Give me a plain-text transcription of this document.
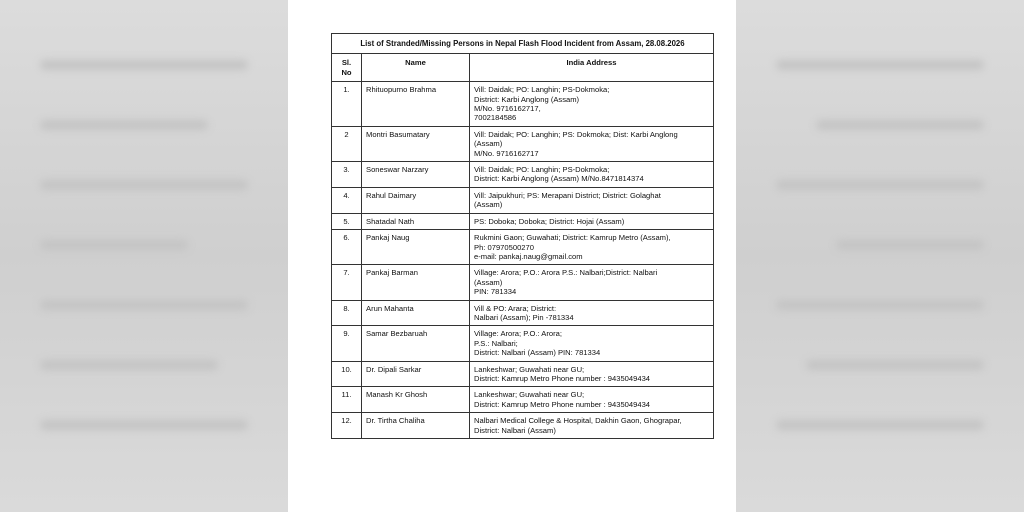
List of Stranded/Missing Persons in Nepal Flash Flood Incident from Assam, 28.08.2026		
Sl. No	Name	India Address
1.	Rhituopurno Brahma	Vill: Daidak; PO: Langhin; PS-Dokmoka;
District: Karbi Anglong (Assam)
M/No. 9716162717,
7002184586

2	Montri Basumatary	Vill: Daidak; PO: Langhin; PS: Dokmoka; Dist: Karbi Anglong
(Assam)
M/No. 9716162717

3.	Soneswar Narzary	Vill: Daidak; PO: Langhin; PS-Dokmoka;
District: Karbi Anglong (Assam) M/No.8471814374

4.	Rahul Daimary	Vill: Jaipukhuri; PS: Merapani District; District: Golaghat
(Assam)

5.	Shatadal Nath	PS: Doboka; Doboka; District: Hojai (Assam)

6.	Pankaj Naug	Rukmini Gaon; Guwahati; District: Kamrup Metro (Assam),
Ph: 07970500270
e-mail: pankaj.naug@gmail.com

7.	Pankaj Barman	Village: Arora; P.O.: Arora P.S.: Nalbari;District: Nalbari
(Assam)
PIN: 781334

8.	Arun Mahanta	Vill & PO: Arara; District:
Nalbari (Assam); Pin -781334

9.	Samar Bezbaruah	Village: Arora; P.O.: Arora;
P.S.: Nalbari;
District: Nalbari (Assam) PIN: 781334

10.	Dr. Dipali Sarkar	Lankeshwar; Guwahati near GU;
District: Kamrup Metro Phone number : 9435049434

11.	Manash Kr Ghosh	Lankeshwar; Guwahati near GU;
District: Kamrup Metro Phone number : 9435049434

12.	Dr. Tirtha Chaliha	Nalbari Medical College & Hospital, Dakhin Gaon, Ghograpar,
District: Nalbari (Assam)
